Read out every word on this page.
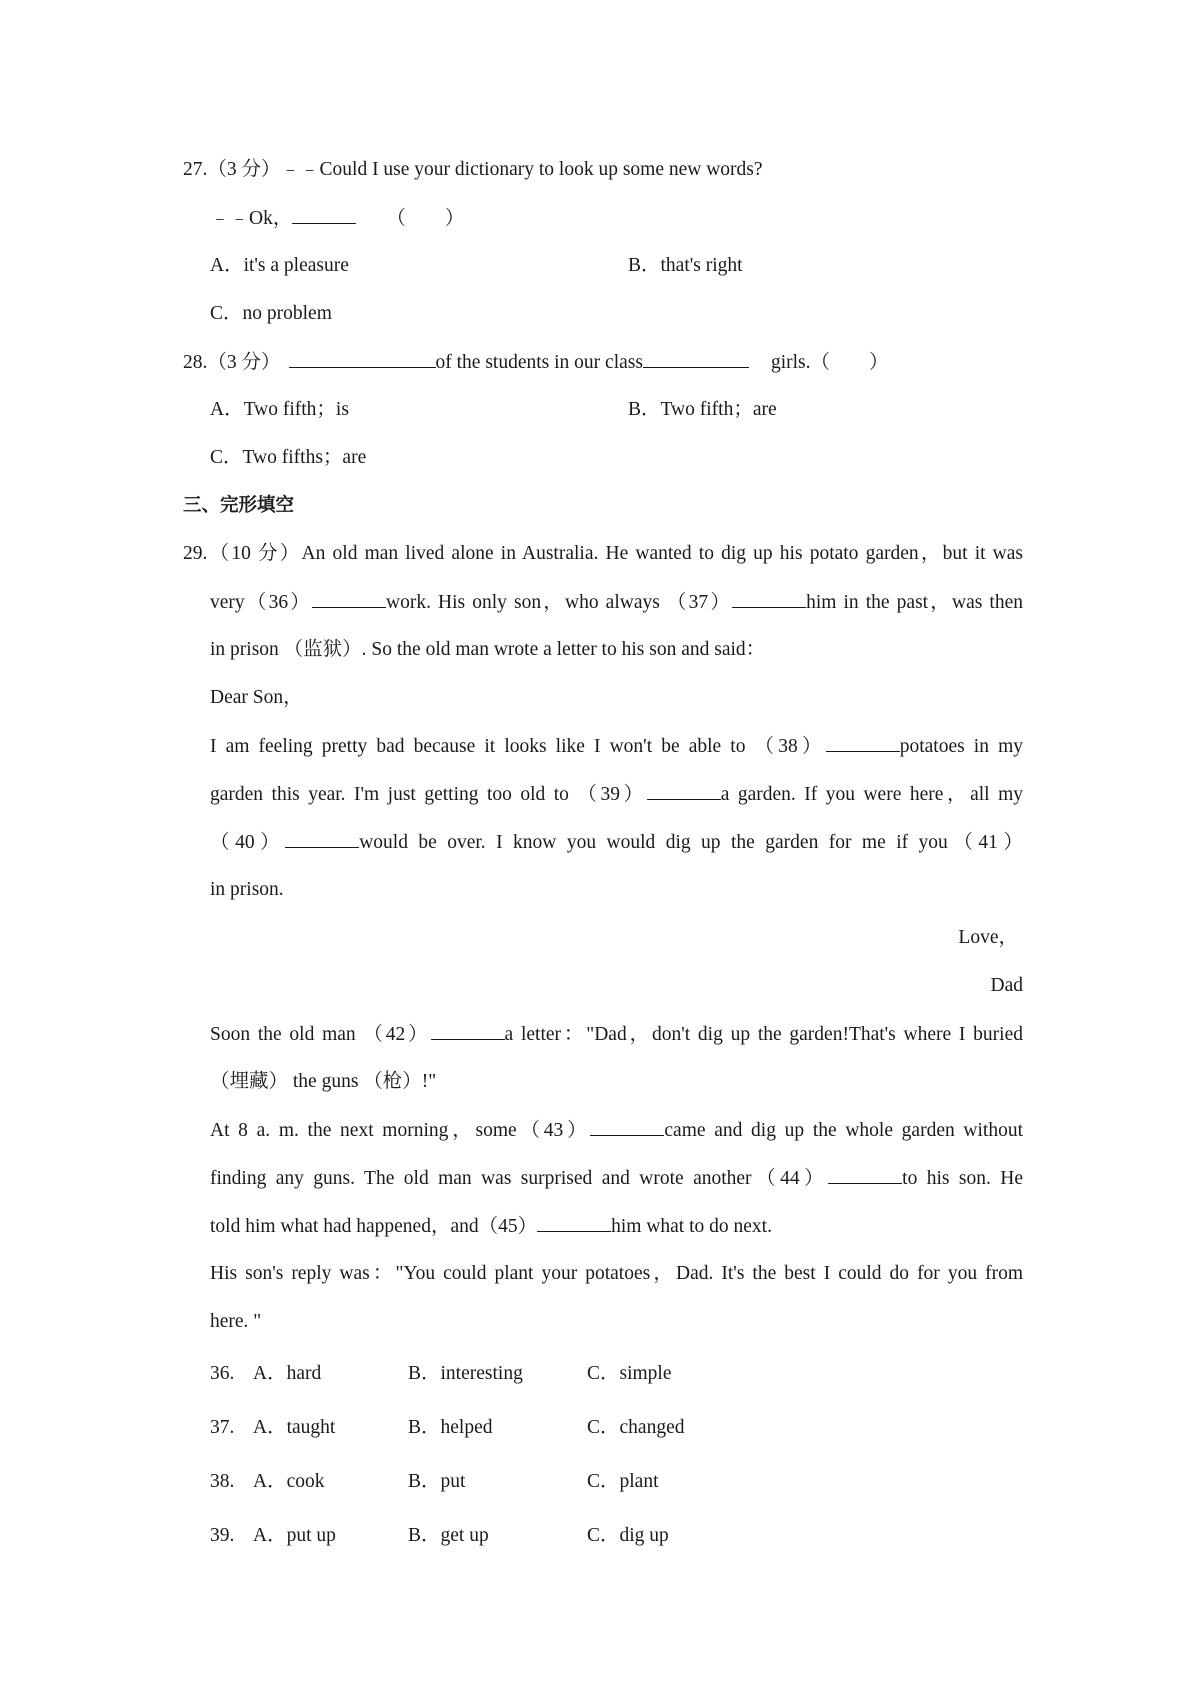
27.（3 分）﹣﹣Could I use your dictionary to look up some new words?
﹣﹣Ok，	（　　）
A．it's a pleasure	B．that's right
C．no problem
28.（3 分）	of the students in our class	girls.（　　）
A．Two fifth；is	B．Two fifth；are
C．Two fifths；are
三、完形填空
29.（10 分）An old man lived alone in Australia. He wanted to dig up his potato garden，but it was
very（36）	work. His only son，who always （37）	him in the past，was then
in prison （监狱）. So the old man wrote a letter to his son and said：
Dear Son，
I am feeling pretty bad because it looks like I won't be able to （38）	potatoes in my
garden this year. I'm just getting too old to （39）	a garden. If you were here，all my
（40）	would be over. I know you would dig up the garden for me if you（41）
in prison.
Love，
Dad
Soon the old man （42）	a letter："Dad，don't dig up the garden!That's where I buried
（埋藏） the guns （枪）!"
At 8 a. m. the next morning，some（43）	came and dig up the whole garden without
finding any guns. The old man was surprised and wrote another（44）	to his son. He
told him what had happened，and（45）	him what to do next.
His son's reply was："You could plant your potatoes，Dad. It's the best I could do for you from
here. "
36. A．hard	B．interesting	C．simple
37. A．taught	B．helped	C．changed
38. A．cook	B．put	C．plant
39. A．put up	B．get up	C．dig up
